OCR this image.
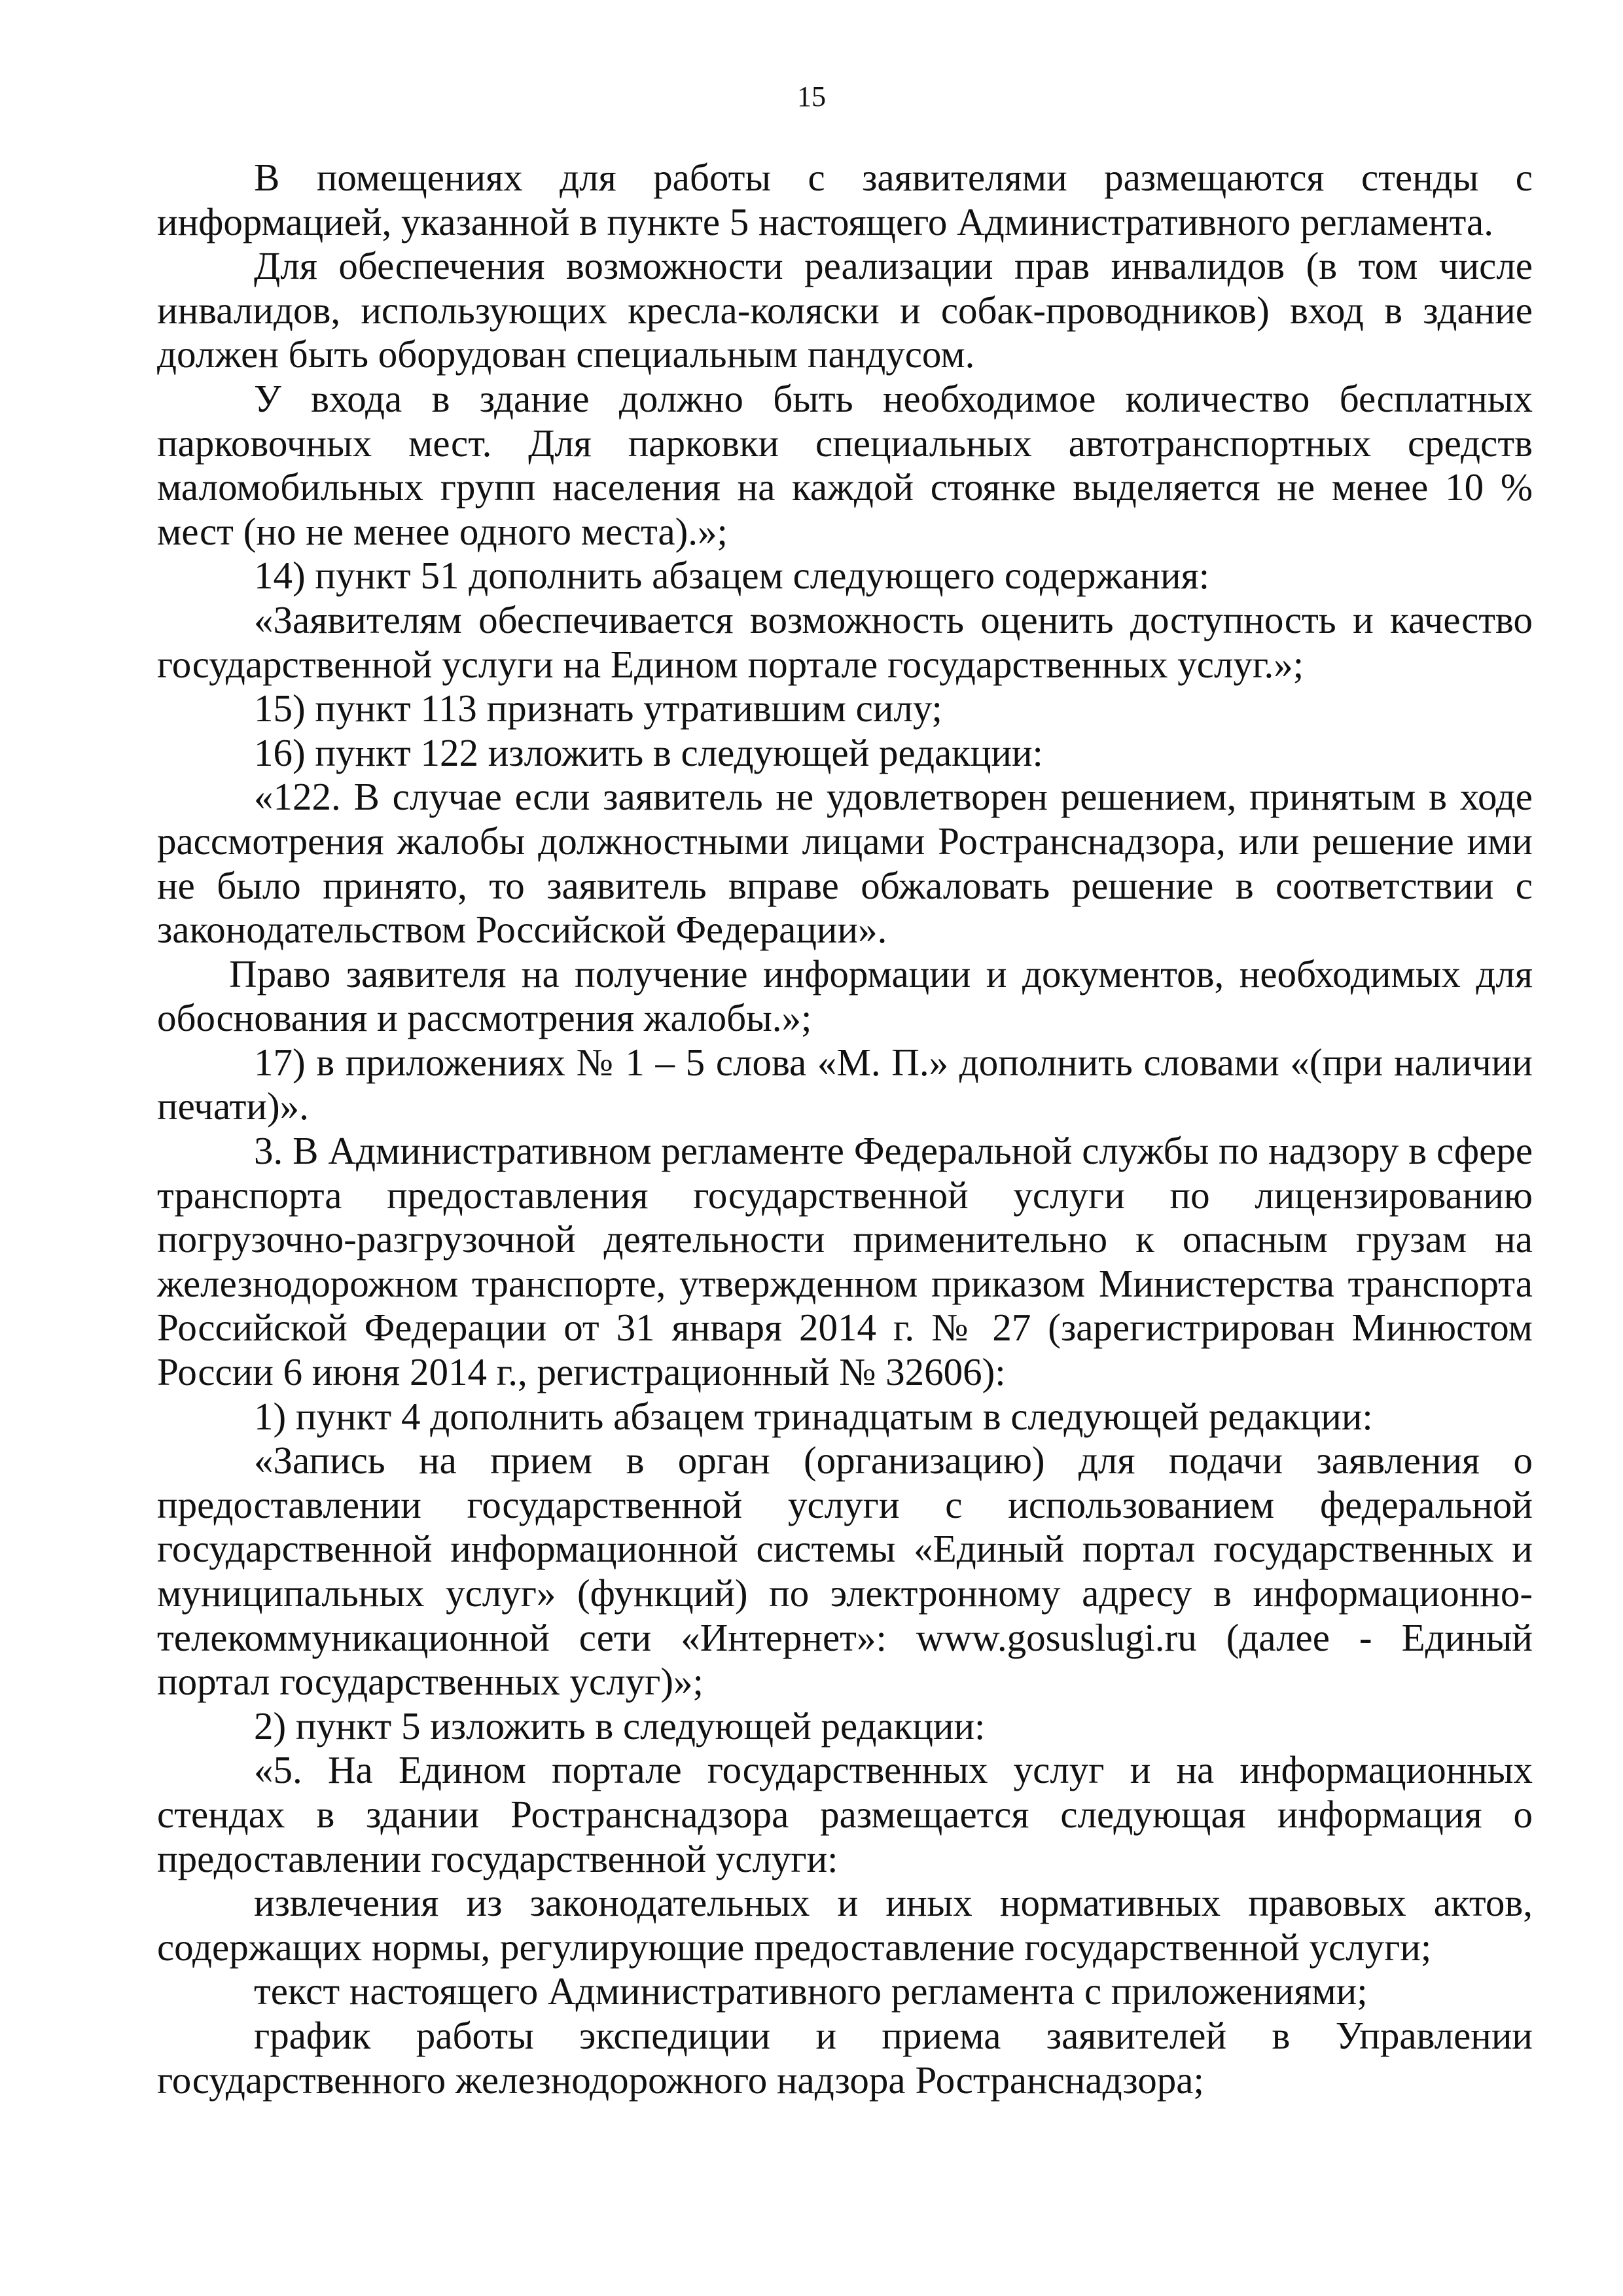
15

В помещениях для работы с заявителями размещаются стенды с информацией, указанной в пункте 5 настоящего Административного регламента.

Для обеспечения возможности реализации прав инвалидов (в том числе инвалидов, использующих кресла-коляски и собак-проводников) вход в здание должен быть оборудован специальным пандусом.

У входа в здание должно быть необходимое количество бесплатных парковочных мест. Для парковки специальных автотранспортных средств маломобильных групп населения на каждой стоянке выделяется не менее 10 % мест (но не менее одного места).»;

14) пункт 51 дополнить абзацем следующего содержания:

«Заявителям обеспечивается возможность оценить доступность и качество государственной услуги на Едином портале государственных услуг.»;

15) пункт 113 признать утратившим силу;

16) пункт 122 изложить в следующей редакции:

«122. В случае если заявитель не удовлетворен решением, принятым в ходе рассмотрения жалобы должностными лицами Ространснадзора, или решение ими не было принято, то заявитель вправе обжаловать решение в соответствии с законодательством Российской Федерации».

Право заявителя на получение информации и документов, необходимых для обоснования и рассмотрения жалобы.»;

17) в приложениях № 1 – 5 слова «М. П.» дополнить словами «(при наличии печати)».

3. В Административном регламенте Федеральной службы по надзору в сфере транспорта предоставления государственной услуги по лицензированию погрузочно-разгрузочной деятельности применительно к опасным грузам на железнодорожном транспорте, утвержденном приказом Министерства транспорта Российской Федерации от 31 января 2014 г. № 27 (зарегистрирован Минюстом России 6 июня 2014 г., регистрационный № 32606):

1) пункт 4 дополнить абзацем тринадцатым в следующей редакции:

«Запись на прием в орган (организацию) для подачи заявления о предоставлении государственной услуги с использованием федеральной государственной информационной системы «Единый портал государственных и муниципальных услуг» (функций) по электронному адресу в информационно-телекоммуникационной сети «Интернет»: www.gosuslugi.ru (далее - Единый портал государственных услуг)»;

2) пункт 5 изложить в следующей редакции:

«5. На Едином портале государственных услуг и на информационных стендах в здании Ространснадзора размещается следующая информация о предоставлении государственной услуги:

извлечения из законодательных и иных нормативных правовых актов, содержащих нормы, регулирующие предоставление государственной услуги;

текст настоящего Административного регламента с приложениями;

график работы экспедиции и приема заявителей в Управлении государственного железнодорожного надзора Ространснадзора;
